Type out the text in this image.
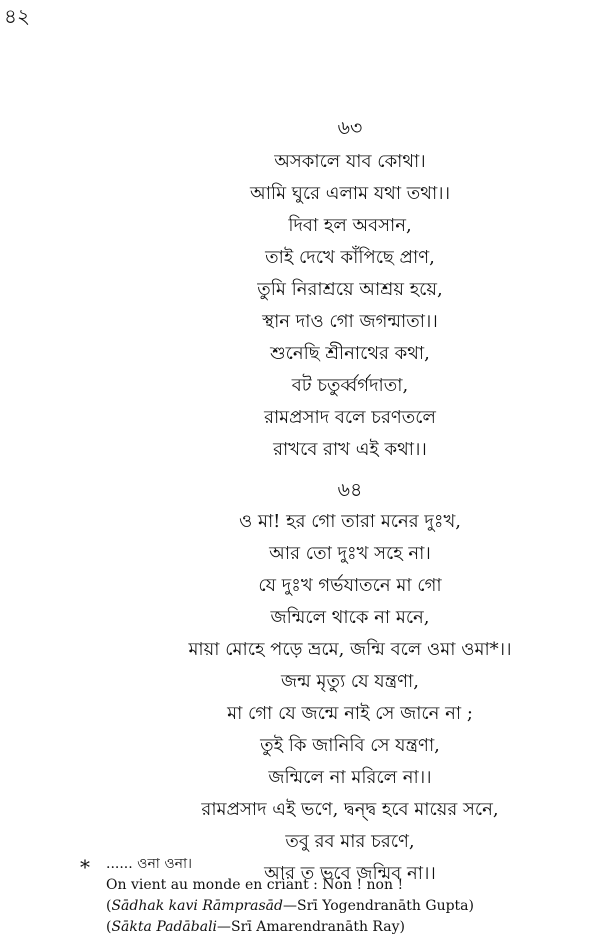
৪২
৬৩
অসকালে যাব কোথা।
আমি ঘুরে এলাম যথা তথা।।
দিবা হল অবসান,
তাই দেখে কাঁপিছে প্রাণ,
তুমি নিরাশ্রয়ে আশ্রয় হয়ে,
স্থান দাও গো জগন্মাতা।।
শুনেছি শ্রীনাথের কথা,
বট চতুর্ব্বর্গদাতা,
রামপ্রসাদ বলে চরণতলে
রাখবে রাখ এই কথা।।
৬৪
ও মা! হর গো তারা মনের দুঃখ,
আর তো দুঃখ সহে না।
যে দুঃখ গর্ভযাতনে মা গো
জন্মিলে থাকে না মনে,
মায়া মোহে পড়ে ভ্রমে, জন্মি বলে ওমা ওমা*।।
জন্ম মৃত্যু যে যন্ত্রণা,
মা গো যে জন্মে নাই সে জানে না ;
তুই কি জানিবি সে যন্ত্রণা,
জন্মিলে না মরিলে না।।
রামপ্রসাদ এই ভণে, দ্বন্দ্ব হবে মায়ের সনে,
তবু রব মার চরণে,
আর ত ভবে জন্মিব না।।
* ...... ওনা ওনা।
On vient au monde en criant : Non ! non !
(Sādhak kavi Rāmprasād—Srī Yogendranāth Gupta)
(Sākta Padābali—Srī Amarendranāth Ray)
